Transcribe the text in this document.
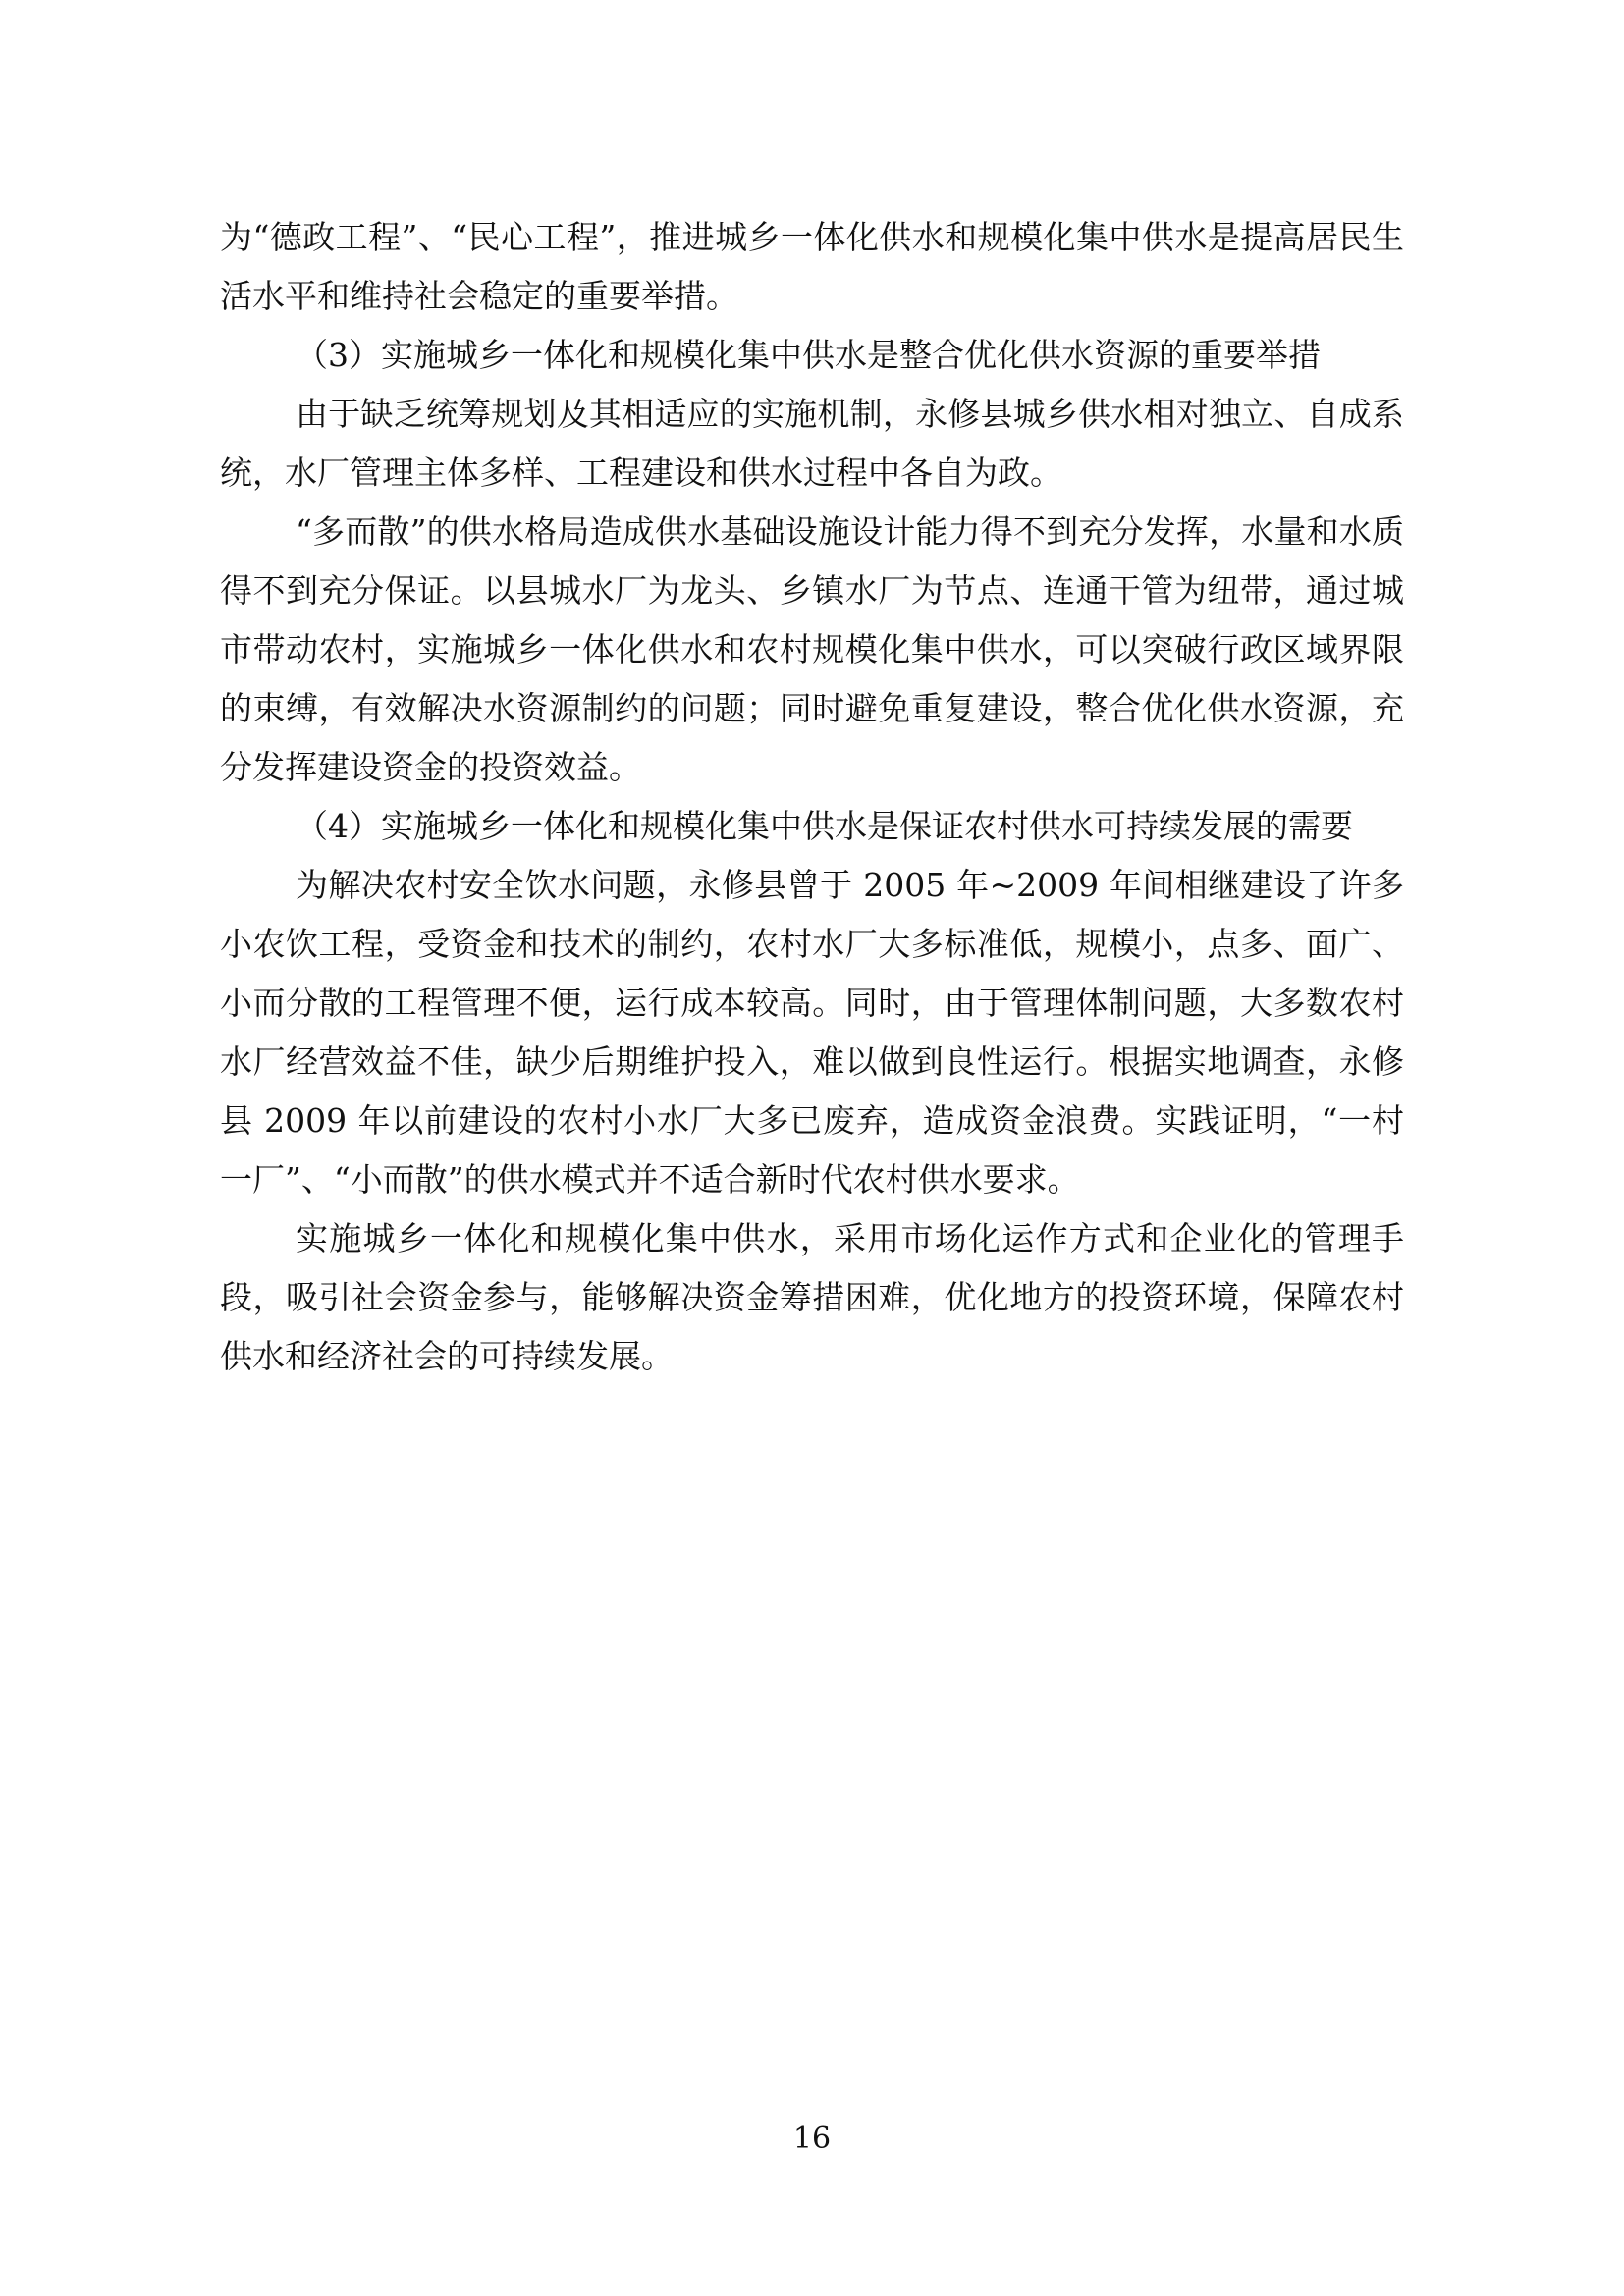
为“德政工程”、“民心工程”，推进城乡一体化供水和规模化集中供水是提高居民生活水平和维持社会稳定的重要举措。

（3）实施城乡一体化和规模化集中供水是整合优化供水资源的重要举措

由于缺乏统筹规划及其相适应的实施机制，永修县城乡供水相对独立、自成系统，水厂管理主体多样、工程建设和供水过程中各自为政。

“多而散”的供水格局造成供水基础设施设计能力得不到充分发挥，水量和水质得不到充分保证。以县城水厂为龙头、乡镇水厂为节点、连通干管为纽带，通过城市带动农村，实施城乡一体化供水和农村规模化集中供水，可以突破行政区域界限的束缚，有效解决水资源制约的问题；同时避免重复建设，整合优化供水资源，充分发挥建设资金的投资效益。

（4）实施城乡一体化和规模化集中供水是保证农村供水可持续发展的需要

为解决农村安全饮水问题，永修县曾于 2005 年~2009 年间相继建设了许多小农饮工程，受资金和技术的制约，农村水厂大多标准低，规模小，点多、面广、小而分散的工程管理不便，运行成本较高。同时，由于管理体制问题，大多数农村水厂经营效益不佳，缺少后期维护投入，难以做到良性运行。根据实地调查，永修县 2009 年以前建设的农村小水厂大多已废弃，造成资金浪费。实践证明，“一村一厂”、“小而散”的供水模式并不适合新时代农村供水要求。

实施城乡一体化和规模化集中供水，采用市场化运作方式和企业化的管理手段，吸引社会资金参与，能够解决资金筹措困难，优化地方的投资环境，保障农村供水和经济社会的可持续发展。

16
